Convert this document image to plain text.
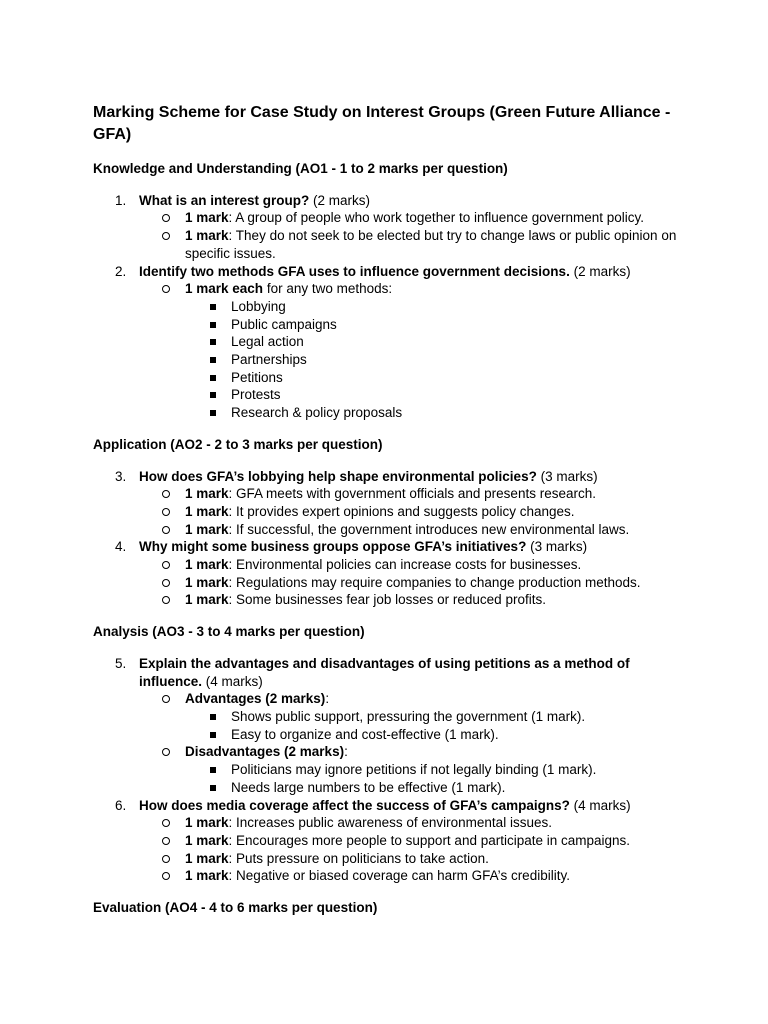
Marking Scheme for Case Study on Interest Groups (Green Future Alliance - GFA)

Knowledge and Understanding (AO1 - 1 to 2 marks per question)

1. What is an interest group? (2 marks)
1 mark: A group of people who work together to influence government policy.
1 mark: They do not seek to be elected but try to change laws or public opinion on specific issues.
2. Identify two methods GFA uses to influence government decisions. (2 marks)
1 mark each for any two methods:
Lobbying
Public campaigns
Legal action
Partnerships
Petitions
Protests
Research & policy proposals

Application (AO2 - 2 to 3 marks per question)

3. How does GFA’s lobbying help shape environmental policies? (3 marks)
1 mark: GFA meets with government officials and presents research.
1 mark: It provides expert opinions and suggests policy changes.
1 mark: If successful, the government introduces new environmental laws.
4. Why might some business groups oppose GFA’s initiatives? (3 marks)
1 mark: Environmental policies can increase costs for businesses.
1 mark: Regulations may require companies to change production methods.
1 mark: Some businesses fear job losses or reduced profits.

Analysis (AO3 - 3 to 4 marks per question)

5. Explain the advantages and disadvantages of using petitions as a method of influence. (4 marks)
Advantages (2 marks):
Shows public support, pressuring the government (1 mark).
Easy to organize and cost-effective (1 mark).
Disadvantages (2 marks):
Politicians may ignore petitions if not legally binding (1 mark).
Needs large numbers to be effective (1 mark).
6. How does media coverage affect the success of GFA’s campaigns? (4 marks)
1 mark: Increases public awareness of environmental issues.
1 mark: Encourages more people to support and participate in campaigns.
1 mark: Puts pressure on politicians to take action.
1 mark: Negative or biased coverage can harm GFA’s credibility.

Evaluation (AO4 - 4 to 6 marks per question)
